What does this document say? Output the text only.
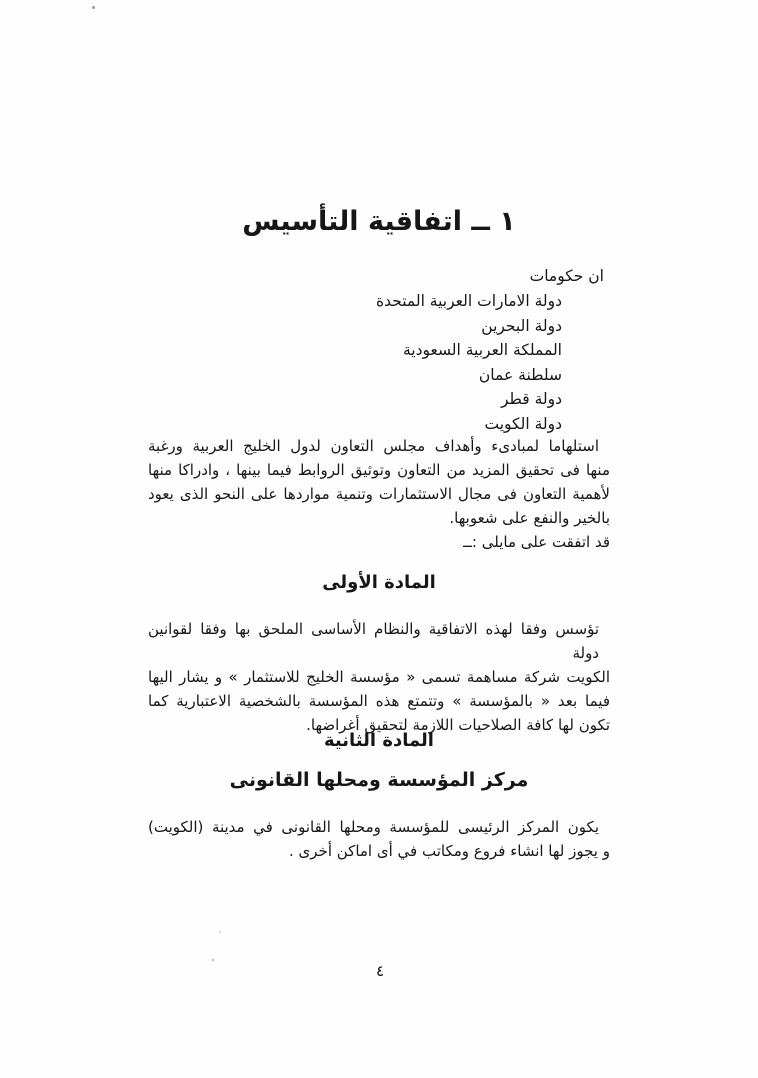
١ ــ اتفاقية التأسيس
ان حكومات
دولة الامارات العربية المتحدة
دولة البحرين
المملكة العربية السعودية
سلطنة عمان
دولة قطر
دولة الكويت
استلهاما لمبادىء وأهداف مجلس التعاون لدول الخليج العربية ورغبة
منها فى تحقيق المزيد من التعاون وتوثيق الروابط فيما بينها ، وادراكا منها
لأهمية التعاون فى مجال الاستثمارات وتنمية مواردها على النحو الذى يعود
بالخير والنفع على شعوبها.
قد اتفقت على مايلى :ــ
المادة الأولى
تؤسس وفقا لهذه الاتفاقية والنظام الأساسى الملحق بها وفقا لقوانين دولة
الكويت شركة مساهمة تسمى « مؤسسة الخليج للاستثمار » و يشار اليها
فيما بعد « بالمؤسسة » وتتمتع هذه المؤسسة بالشخصية الاعتبارية كما
تكون لها كافة الصلاحيات اللازمة لتحقيق أغراضها.
المادة الثانية
مركز المؤسسة ومحلها القانونى
يكون المركز الرئيسى للمؤسسة ومحلها القانونى في مدينة (الكويت)
و يجوز لها انشاء فروع ومكاتب في أى اماكن أخرى .
٤
